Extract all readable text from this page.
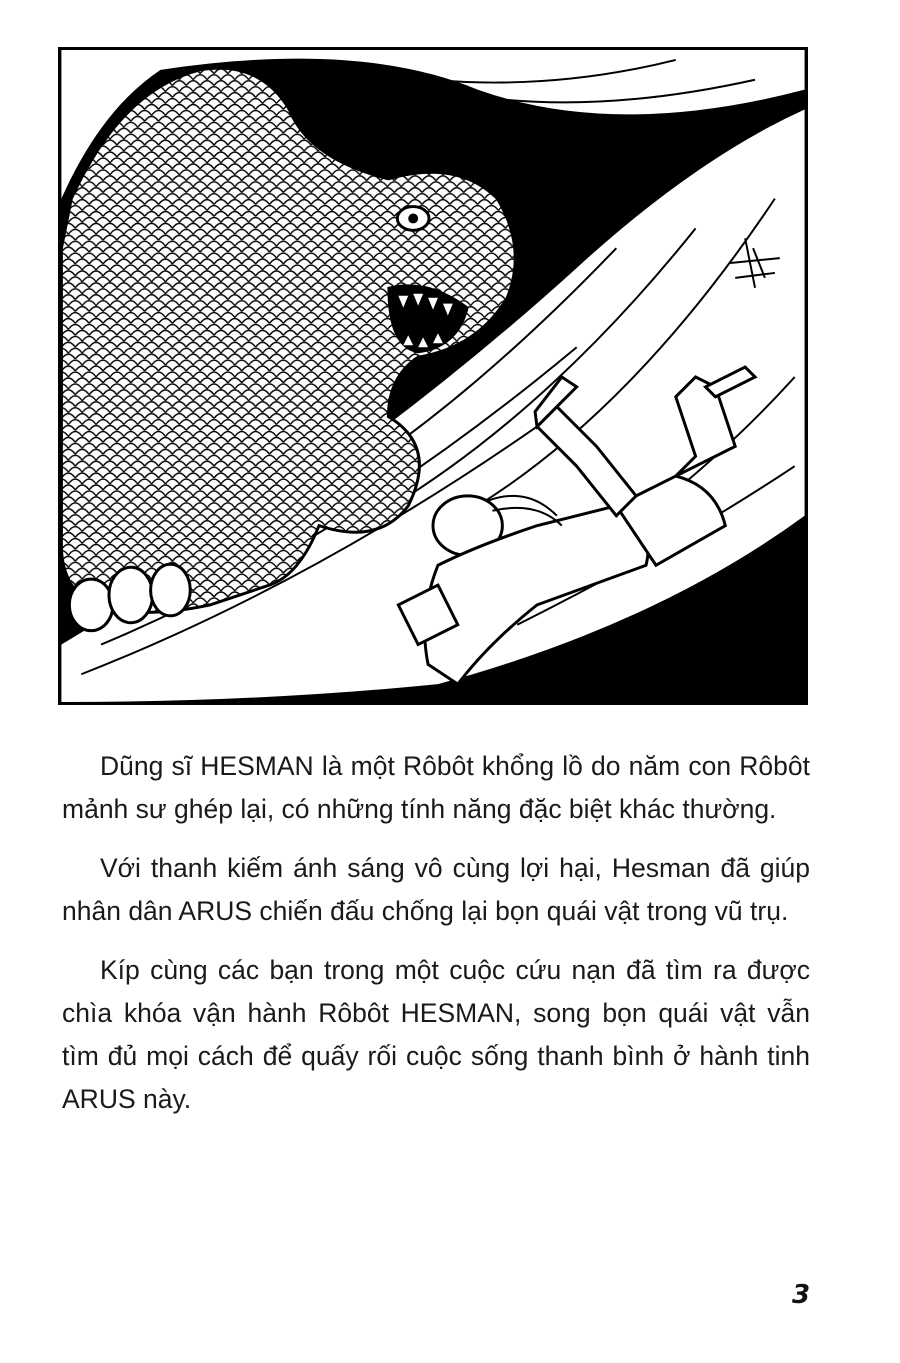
Dũng sĩ HESMAN là một Rôbôt khổng lồ do năm con Rôbôt mảnh sư ghép lại, có những tính năng đặc biệt khác thường.

Với thanh kiếm ánh sáng vô cùng lợi hại, Hesman đã giúp nhân dân ARUS chiến đấu chống lại bọn quái vật trong vũ trụ.

Kíp cùng các bạn trong một cuộc cứu nạn đã tìm ra được chìa khóa vận hành Rôbôt HESMAN, song bọn quái vật vẫn tìm đủ mọi cách để quấy rối cuộc sống thanh bình ở hành tinh ARUS này.

3
